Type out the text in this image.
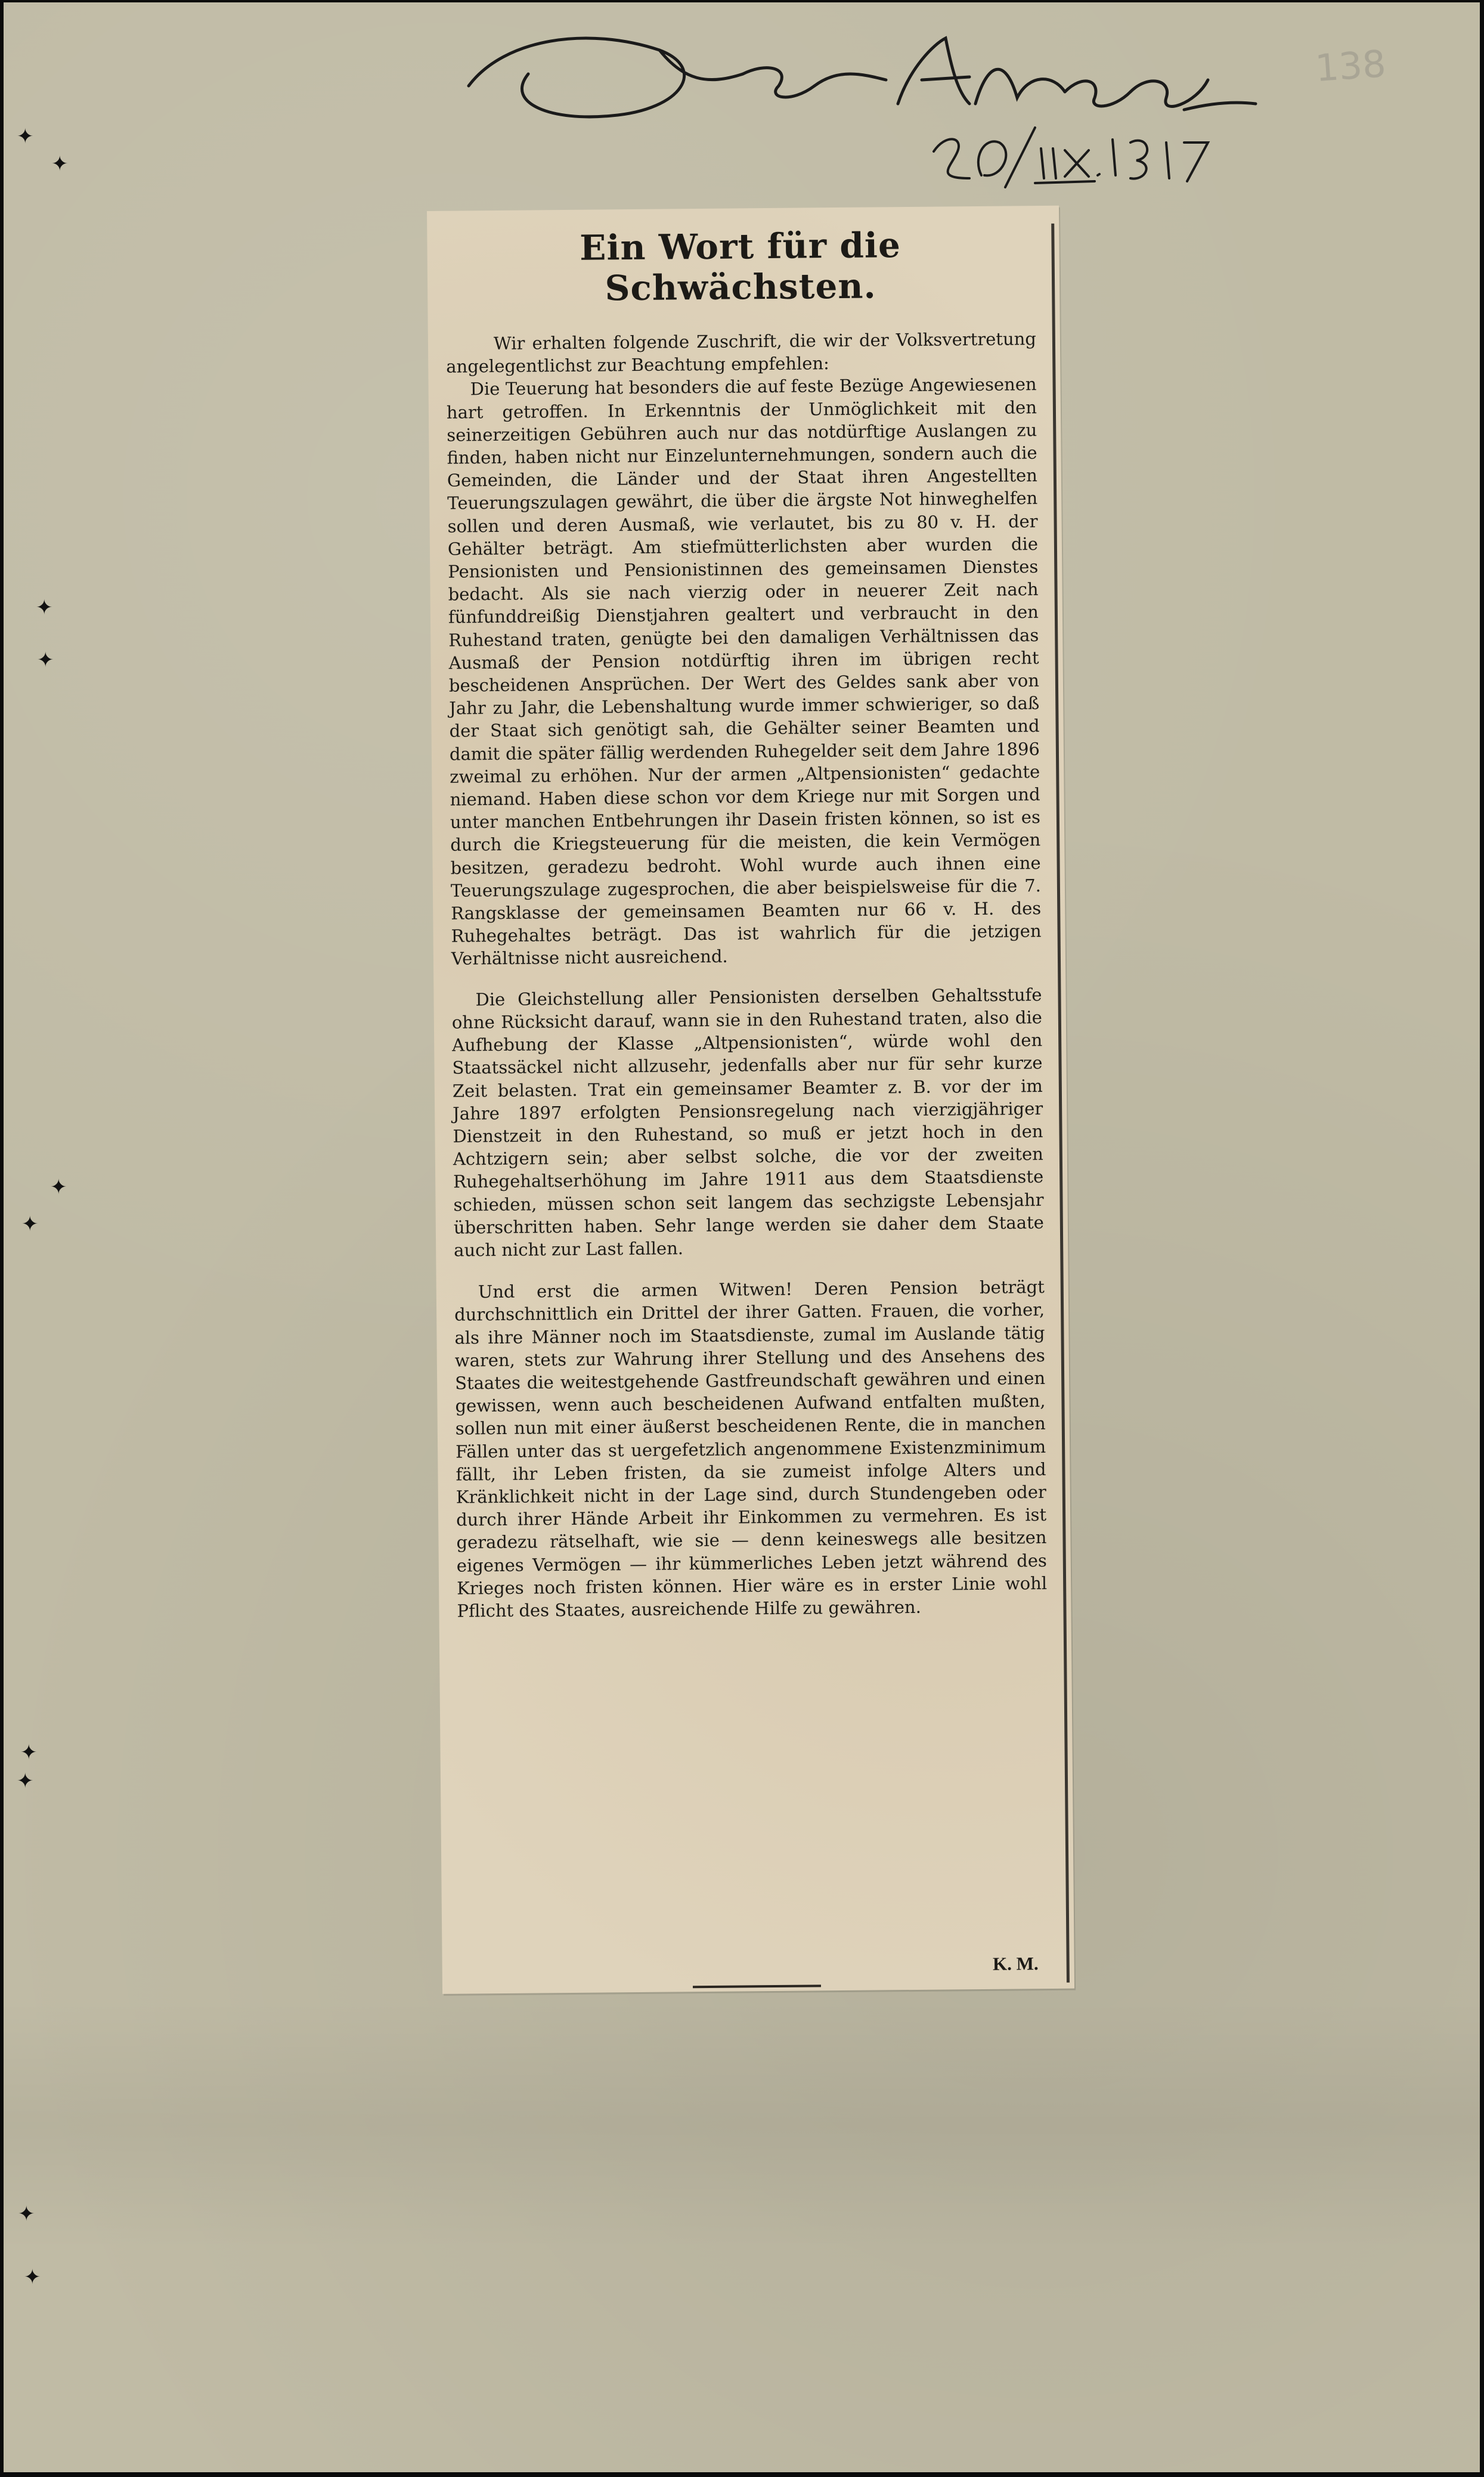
✦
✦
✦
✦
✦
✦
✦
✦
✦
✦
138
Ein Wort für die Schwächsten.

Wir erhalten folgende Zuschrift, die wir der Volksvertretung angelegentlichst zur Beachtung empfehlen:

Die Teuerung hat besonders die auf feste Bezüge Angewiesenen hart getroffen. In Erkenntnis der Unmöglichkeit mit den seinerzeitigen Gebühren auch nur das notdürftige Auslangen zu finden, haben nicht nur Einzelunternehmungen, sondern auch die Gemeinden, die Länder und der Staat ihren Angestellten Teuerungszulagen gewährt, die über die ärgste Not hinweghelfen sollen und deren Ausmaß, wie verlautet, bis zu 80 v. H. der Gehälter beträgt. Am stiefmütterlichsten aber wurden die Pensionisten und Pensionistinnen des gemeinsamen Dienstes bedacht. Als sie nach vierzig oder in neuerer Zeit nach fünfunddreißig Dienstjahren gealtert und verbraucht in den Ruhestand traten, genügte bei den damaligen Verhältnissen das Ausmaß der Pension notdürftig ihren im übrigen recht bescheidenen Ansprüchen. Der Wert des Geldes sank aber von Jahr zu Jahr, die Lebenshaltung wurde immer schwieriger, so daß der Staat sich genötigt sah, die Gehälter seiner Beamten und damit die später fällig werdenden Ruhegelder seit dem Jahre 1896 zweimal zu erhöhen. Nur der armen „Altpensionisten“ gedachte niemand. Haben diese schon vor dem Kriege nur mit Sorgen und unter manchen Entbehrungen ihr Dasein fristen können, so ist es durch die Kriegsteuerung für die meisten, die kein Vermögen besitzen, geradezu bedroht. Wohl wurde auch ihnen eine Teuerungszulage zugesprochen, die aber beispielsweise für die 7. Rangsklasse der gemeinsamen Beamten nur 66 v. H. des Ruhegehaltes beträgt. Das ist wahrlich für die jetzigen Verhältnisse nicht ausreichend.

Die Gleichstellung aller Pensionisten derselben Gehaltsstufe ohne Rücksicht darauf, wann sie in den Ruhestand traten, also die Aufhebung der Klasse „Altpensionisten“, würde wohl den Staatssäckel nicht allzusehr, jedenfalls aber nur für sehr kurze Zeit belasten. Trat ein gemeinsamer Beamter z. B. vor der im Jahre 1897 erfolgten Pensionsregelung nach vierzigjähriger Dienstzeit in den Ruhestand, so muß er jetzt hoch in den Achtzigern sein; aber selbst solche, die vor der zweiten Ruhegehaltserhöhung im Jahre 1911 aus dem Staatsdienste schieden, müssen schon seit langem das sechzigste Lebensjahr überschritten haben. Sehr lange werden sie daher dem Staate auch nicht zur Last fallen.

Und erst die armen Witwen! Deren Pension beträgt durchschnittlich ein Drittel der ihrer Gatten. Frauen, die vorher, als ihre Männer noch im Staatsdienste, zumal im Auslande tätig waren, stets zur Wahrung ihrer Stellung und des Ansehens des Staates die weitestgehende Gastfreundschaft gewähren und einen gewissen, wenn auch bescheidenen Aufwand entfalten mußten, sollen nun mit einer äußerst bescheidenen Rente, die in manchen Fällen unter das st uergefetzlich angenommene Existenzminimum fällt, ihr Leben fristen, da sie zumeist infolge Alters und Kränklichkeit nicht in der Lage sind, durch Stundengeben oder durch ihrer Hände Arbeit ihr Einkommen zu vermehren. Es ist geradezu rätselhaft, wie sie — denn keineswegs alle besitzen eigenes Vermögen — ihr kümmerliches Leben jetzt während des Krieges noch fristen können. Hier wäre es in erster Linie wohl Pflicht des Staates, ausreichende Hilfe zu gewähren.

K. M.
